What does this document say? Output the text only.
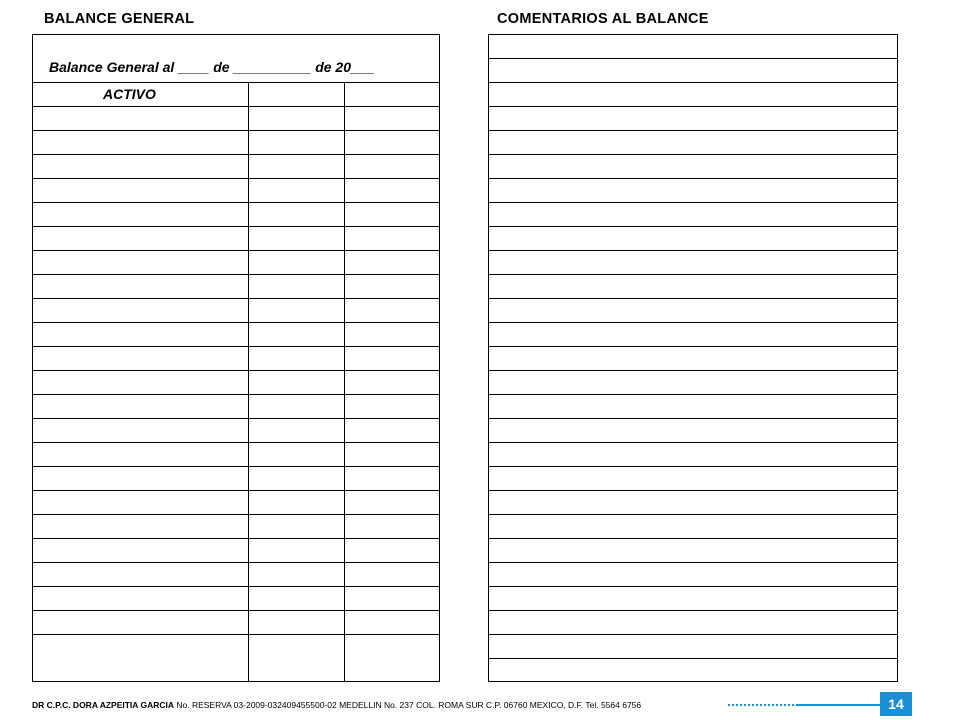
BALANCE GENERAL	COMENTARIOS AL BALANCE
Balance General al ____ de __________ de 20___
ACTIVO
DR C.P.C. DORA AZPEITIA GARCIA No. RESERVA 03-2009-032409455500-02 MEDELLIN No. 237 COL. ROMA SUR C.P. 06760 MEXICO, D.F. Tel. 5564 6756	14
